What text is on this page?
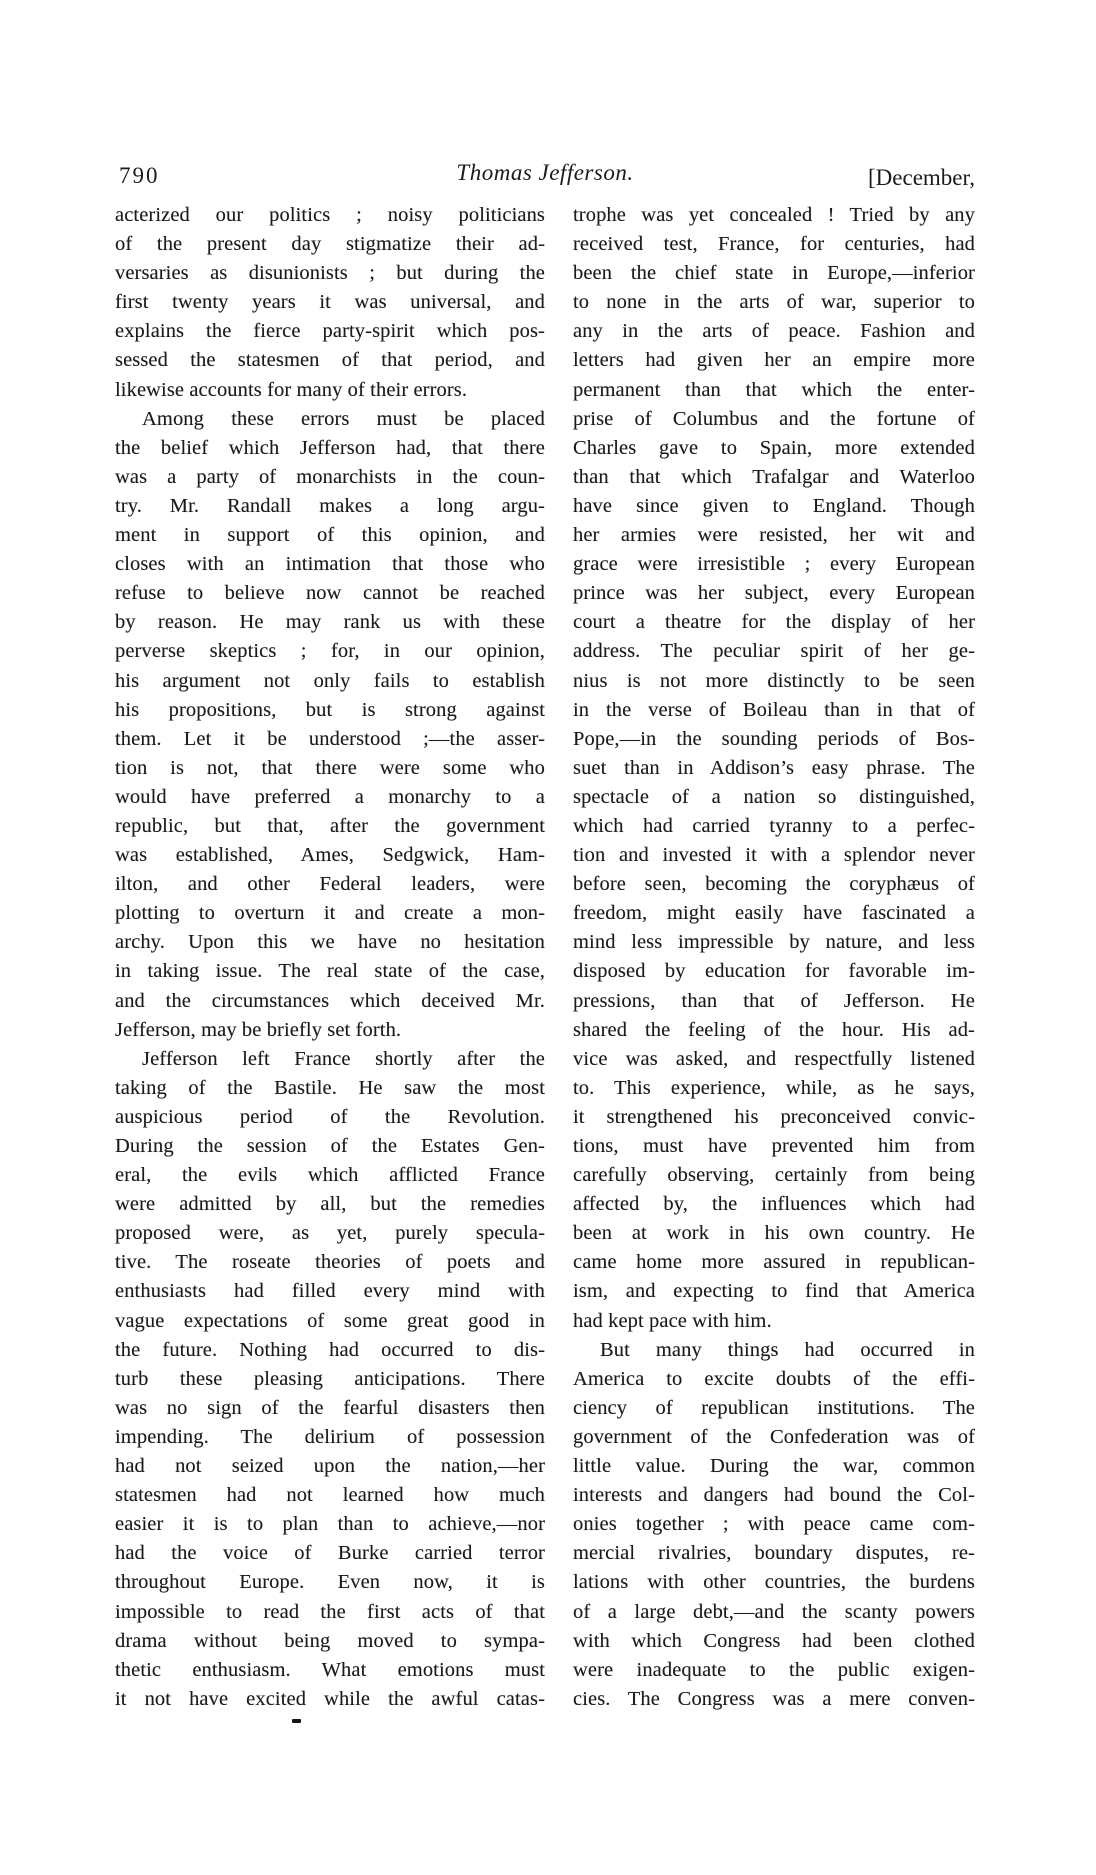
790	Thomas Jefferson.	[December,
acterized our politics ; noisy politicians
of the present day stigmatize their ad-
versaries as disunionists ; but during the
first twenty years it was universal, and
explains the fierce party-spirit which pos-
sessed the statesmen of that period, and
likewise accounts for many of their errors.
Among these errors must be placed
the belief which Jefferson had, that there
was a party of monarchists in the coun-
try. Mr. Randall makes a long argu-
ment in support of this opinion, and
closes with an intimation that those who
refuse to believe now cannot be reached
by reason. He may rank us with these
perverse skeptics ; for, in our opinion,
his argument not only fails to establish
his propositions, but is strong against
them. Let it be understood ;—the asser-
tion is not, that there were some who
would have preferred a monarchy to a
republic, but that, after the government
was established, Ames, Sedgwick, Ham-
ilton, and other Federal leaders, were
plotting to overturn it and create a mon-
archy. Upon this we have no hesitation
in taking issue. The real state of the case,
and the circumstances which deceived Mr.
Jefferson, may be briefly set forth.
Jefferson left France shortly after the
taking of the Bastile. He saw the most
auspicious period of the Revolution.
During the session of the Estates Gen-
eral, the evils which afflicted France
were admitted by all, but the remedies
proposed were, as yet, purely specula-
tive. The roseate theories of poets and
enthusiasts had filled every mind with
vague expectations of some great good in
the future. Nothing had occurred to dis-
turb these pleasing anticipations. There
was no sign of the fearful disasters then
impending. The delirium of possession
had not seized upon the nation,—her
statesmen had not learned how much
easier it is to plan than to achieve,—nor
had the voice of Burke carried terror
throughout Europe. Even now, it is
impossible to read the first acts of that
drama without being moved to sympa-
thetic enthusiasm. What emotions must
it not have excited while the awful catas-
trophe was yet concealed ! Tried by any
received test, France, for centuries, had
been the chief state in Europe,—inferior
to none in the arts of war, superior to
any in the arts of peace. Fashion and
letters had given her an empire more
permanent than that which the enter-
prise of Columbus and the fortune of
Charles gave to Spain, more extended
than that which Trafalgar and Waterloo
have since given to England. Though
her armies were resisted, her wit and
grace were irresistible ; every European
prince was her subject, every European
court a theatre for the display of her
address. The peculiar spirit of her ge-
nius is not more distinctly to be seen
in the verse of Boileau than in that of
Pope,—in the sounding periods of Bos-
suet than in Addison’s easy phrase. The
spectacle of a nation so distinguished,
which had carried tyranny to a perfec-
tion and invested it with a splendor never
before seen, becoming the coryphæus of
freedom, might easily have fascinated a
mind less impressible by nature, and less
disposed by education for favorable im-
pressions, than that of Jefferson. He
shared the feeling of the hour. His ad-
vice was asked, and respectfully listened
to. This experience, while, as he says,
it strengthened his preconceived convic-
tions, must have prevented him from
carefully observing, certainly from being
affected by, the influences which had
been at work in his own country. He
came home more assured in republican-
ism, and expecting to find that America
had kept pace with him.
But many things had occurred in
America to excite doubts of the effi-
ciency of republican institutions. The
government of the Confederation was of
little value. During the war, common
interests and dangers had bound the Col-
onies together ; with peace came com-
mercial rivalries, boundary disputes, re-
lations with other countries, the burdens
of a large debt,—and the scanty powers
with which Congress had been clothed
were inadequate to the public exigen-
cies. The Congress was a mere conven-
